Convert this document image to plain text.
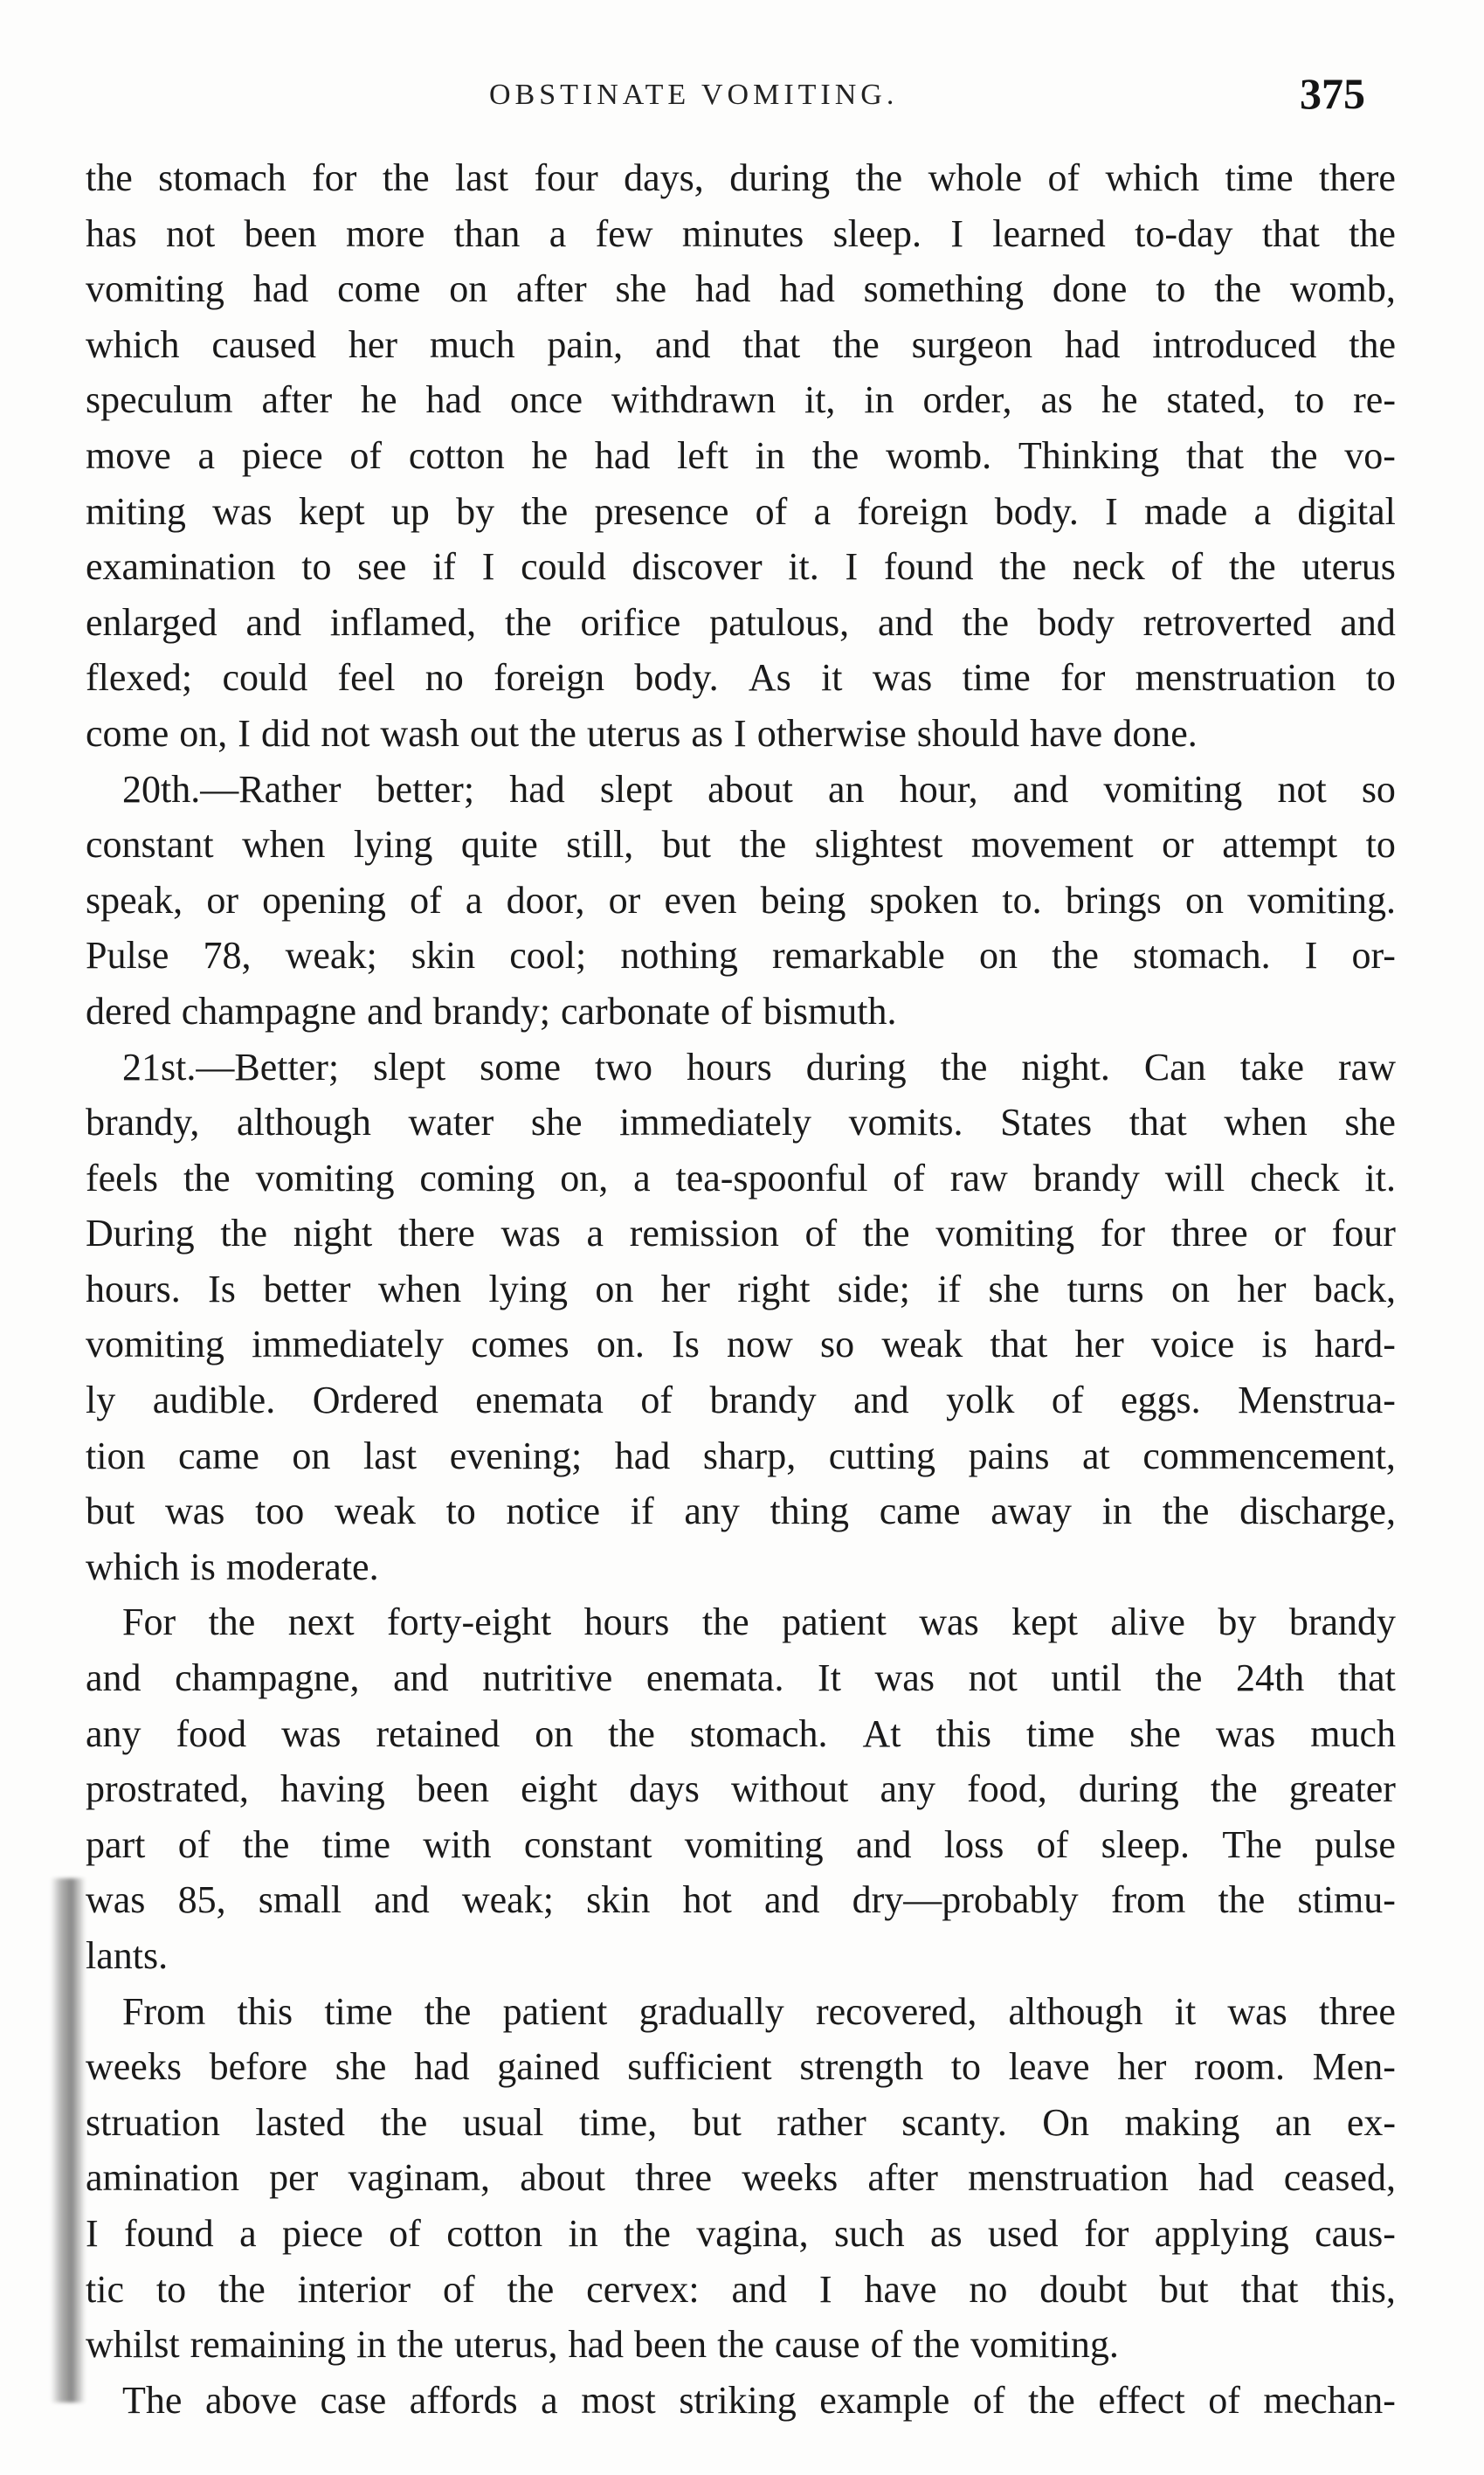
OBSTINATE VOMITING.	375
the stomach for the last four days, during the whole of which time there
has not been more than a few minutes sleep. I learned to-day that the
vomiting had come on after she had had something done to the womb,
which caused her much pain, and that the surgeon had introduced the
speculum after he had once withdrawn it, in order, as he stated, to re-
move a piece of cotton he had left in the womb. Thinking that the vo-
miting was kept up by the presence of a foreign body. I made a digital
examination to see if I could discover it. I found the neck of the uterus
enlarged and inflamed, the orifice patulous, and the body retroverted and
flexed; could feel no foreign body. As it was time for menstruation to
come on, I did not wash out the uterus as I otherwise should have done.
20th.—Rather better; had slept about an hour, and vomiting not so
constant when lying quite still, but the slightest movement or attempt to
speak, or opening of a door, or even being spoken to. brings on vomiting.
Pulse 78, weak; skin cool; nothing remarkable on the stomach. I or-
dered champagne and brandy; carbonate of bismuth.
21st.—Better; slept some two hours during the night. Can take raw
brandy, although water she immediately vomits. States that when she
feels the vomiting coming on, a tea-spoonful of raw brandy will check it.
During the night there was a remission of the vomiting for three or four
hours. Is better when lying on her right side; if she turns on her back,
vomiting immediately comes on. Is now so weak that her voice is hard-
ly audible. Ordered enemata of brandy and yolk of eggs. Menstrua-
tion came on last evening; had sharp, cutting pains at commencement,
but was too weak to notice if any thing came away in the discharge,
which is moderate.
For the next forty-eight hours the patient was kept alive by brandy
and champagne, and nutritive enemata. It was not until the 24th that
any food was retained on the stomach. At this time she was much
prostrated, having been eight days without any food, during the greater
part of the time with constant vomiting and loss of sleep. The pulse
was 85, small and weak; skin hot and dry—probably from the stimu-
lants.
From this time the patient gradually recovered, although it was three
weeks before she had gained sufficient strength to leave her room. Men-
struation lasted the usual time, but rather scanty. On making an ex-
amination per vaginam, about three weeks after menstruation had ceased,
I found a piece of cotton in the vagina, such as used for applying caus-
tic to the interior of the cervex: and I have no doubt but that this,
whilst remaining in the uterus, had been the cause of the vomiting.
The above case affords a most striking example of the effect of mechan-
